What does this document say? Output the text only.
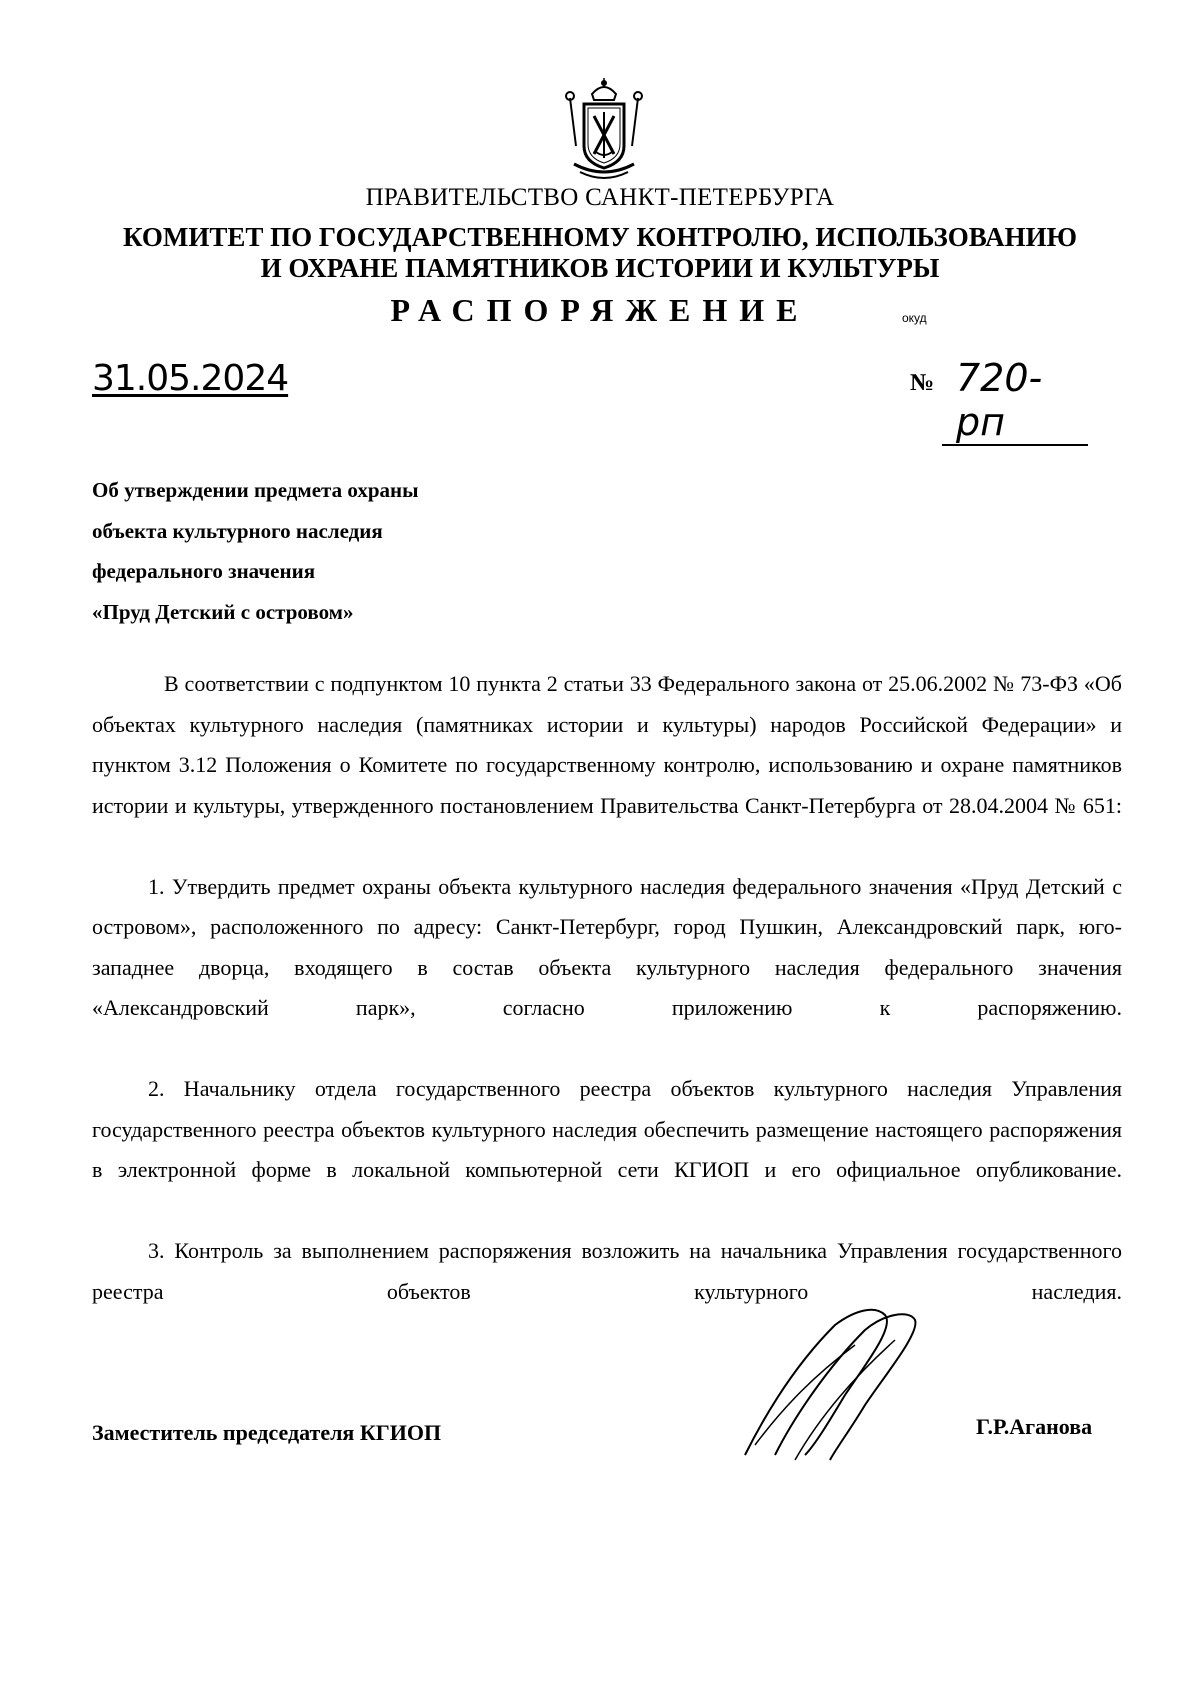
ПРАВИТЕЛЬСТВО САНКТ-ПЕТЕРБУРГА
КОМИТЕТ ПО ГОСУДАРСТВЕННОМУ КОНТРОЛЮ, ИСПОЛЬЗОВАНИЮ
И ОХРАНЕ ПАМЯТНИКОВ ИСТОРИИ И КУЛЬТУРЫ
РАСПОРЯЖЕНИЕ	окуд
31.05.2024	№ 720-рп
Об утверждении предмета охраны
объекта культурного наследия
федерального значения
«Пруд Детский с островом»

В соответствии с подпунктом 10 пункта 2 статьи 33 Федерального закона от 25.06.2002 № 73-ФЗ «Об объектах культурного наследия (памятниках истории и культуры) народов Российской Федерации» и пунктом 3.12 Положения о Комитете по государственному контролю, использованию и охране памятников истории и культуры, утвержденного постановлением Правительства Санкт-Петербурга от 28.04.2004 № 651:

1. Утвердить предмет охраны объекта культурного наследия федерального значения «Пруд Детский с островом», расположенного по адресу: Санкт-Петербург, город Пушкин, Александровский парк, юго-западнее дворца, входящего в состав объекта культурного наследия федерального значения «Александровский парк», согласно приложению к распоряжению.

2. Начальнику отдела государственного реестра объектов культурного наследия Управления государственного реестра объектов культурного наследия обеспечить размещение настоящего распоряжения в электронной форме в локальной компьютерной сети КГИОП и его официальное опубликование.

3. Контроль за выполнением распоряжения возложить на начальника Управления государственного реестра объектов культурного наследия.

Заместитель председателя КГИОП	Г.Р.Аганова
